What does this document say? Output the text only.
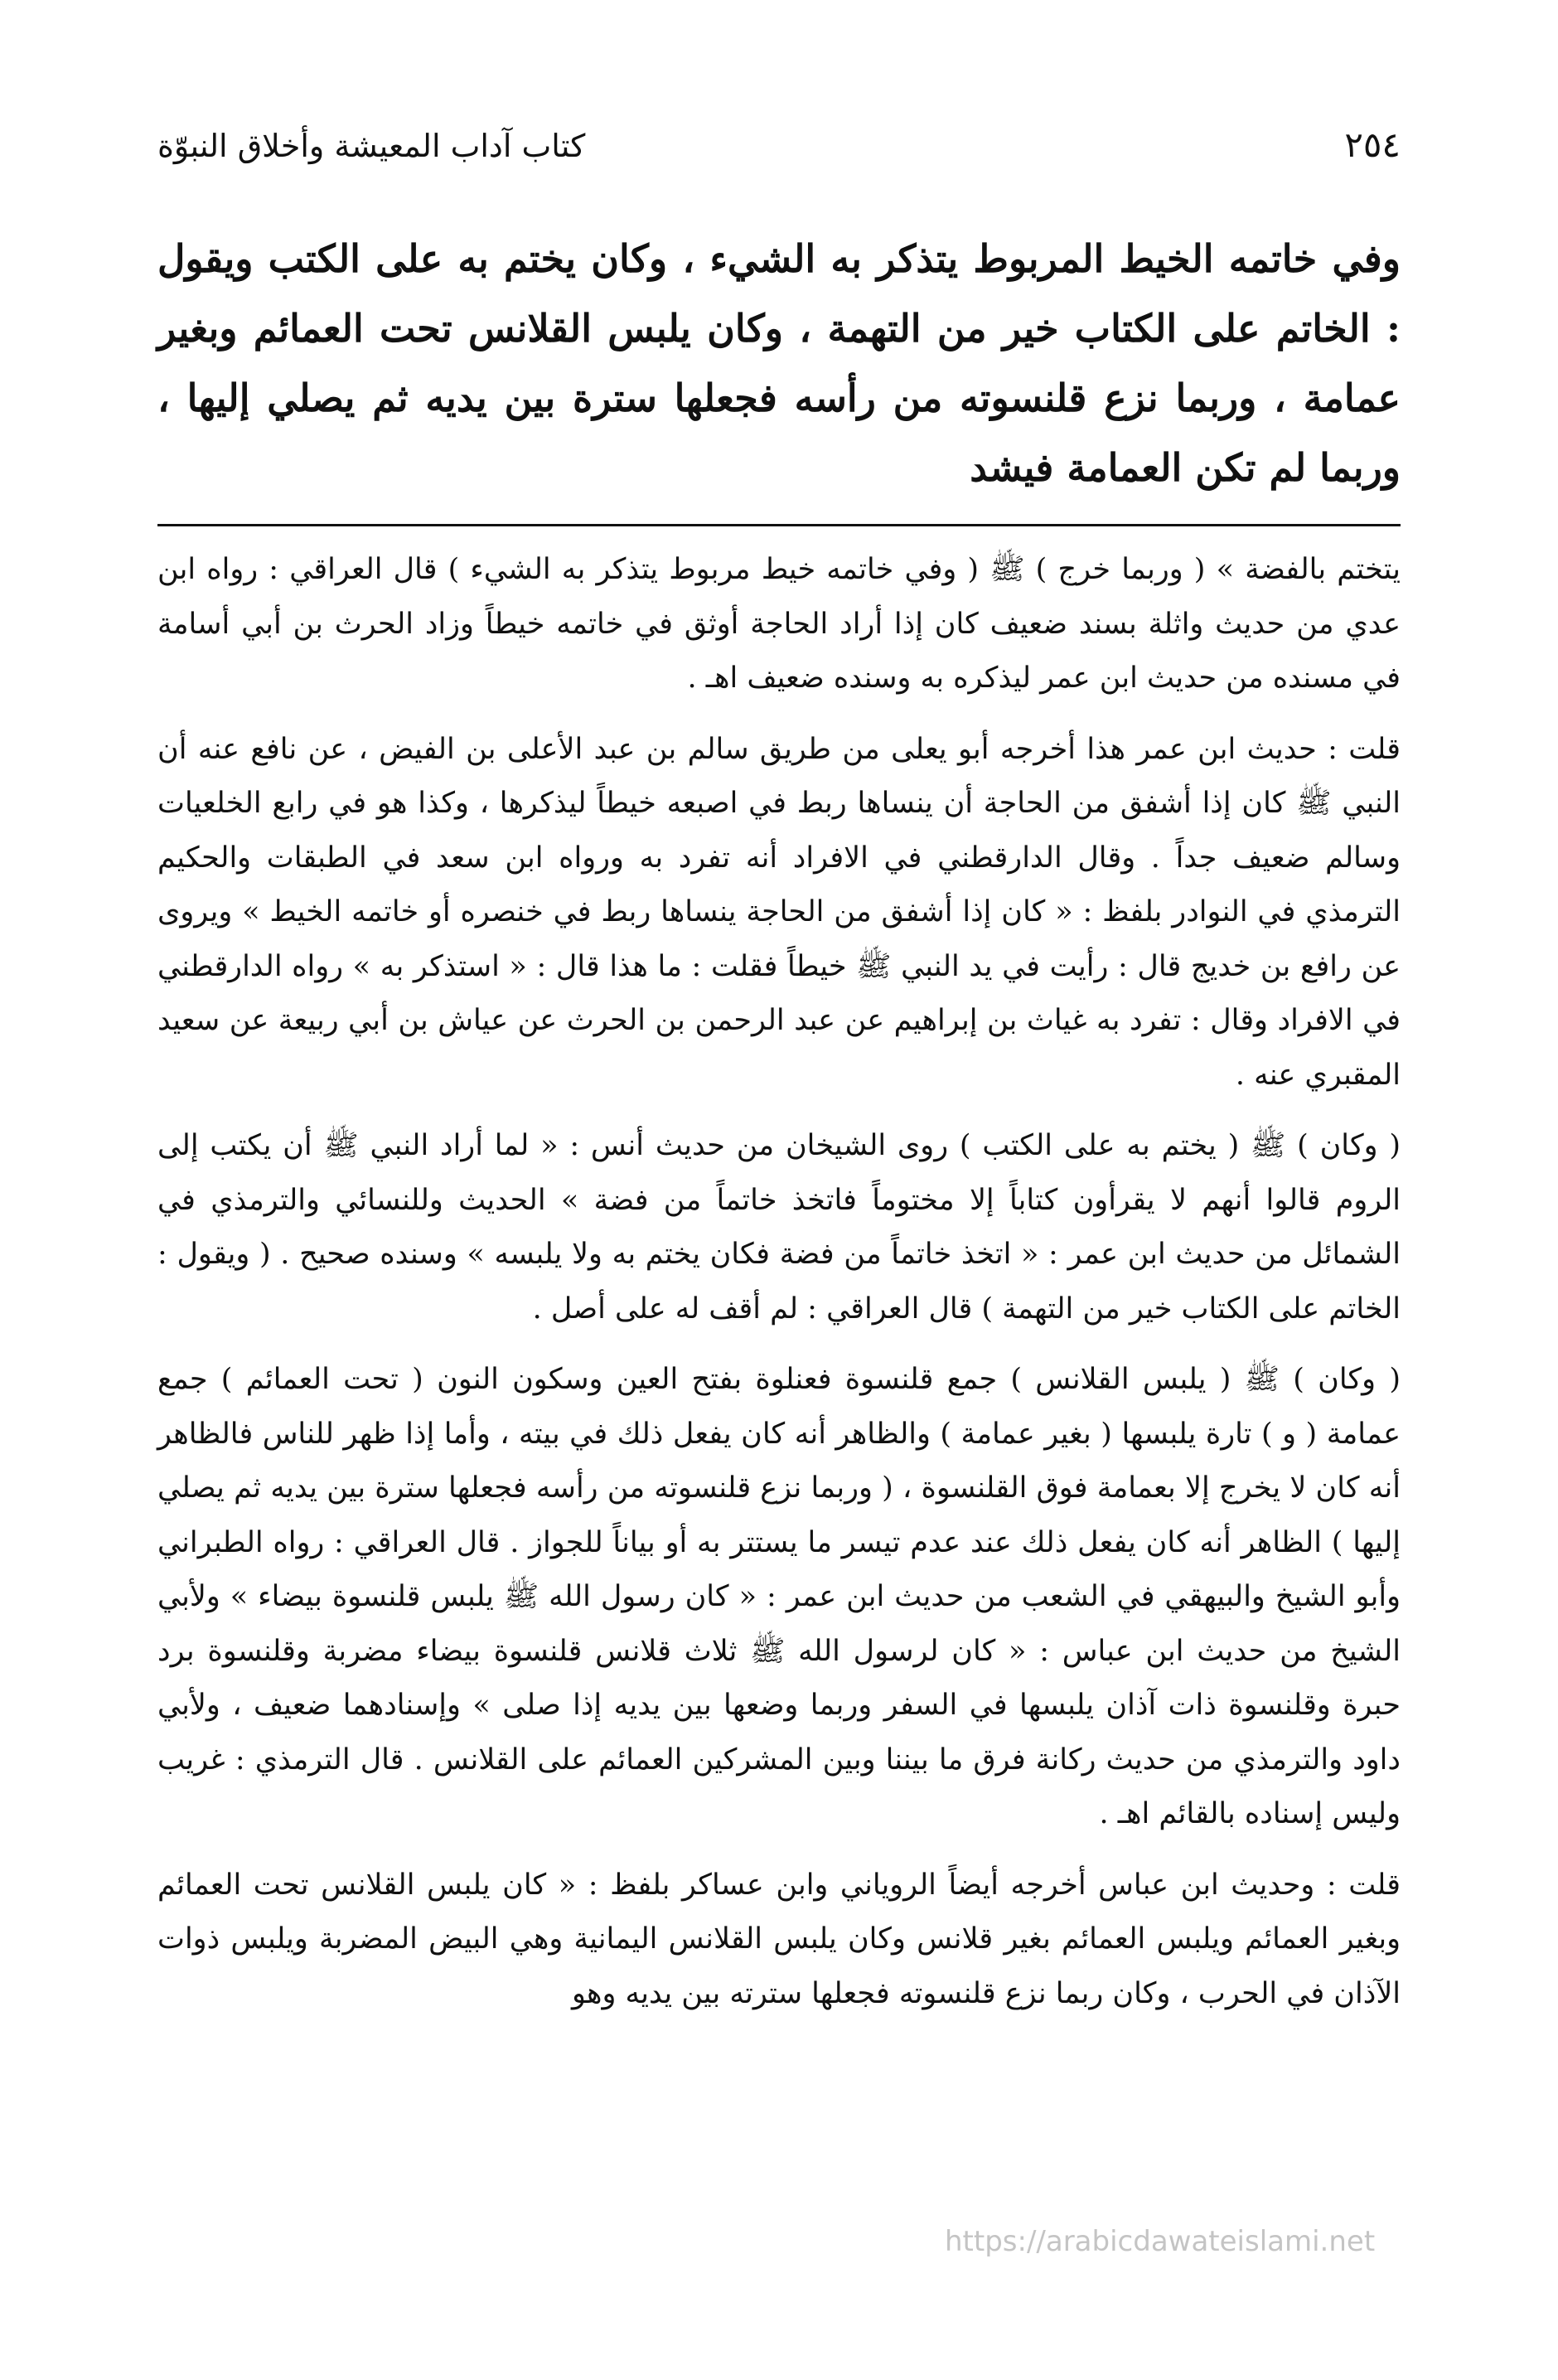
٢٥٤
كتاب آداب المعيشة وأخلاق النبوّة

وفي خاتمه الخيط المربوط يتذكر به الشيء ، وكان يختم به على الكتب ويقول : الخاتم على الكتاب خير من التهمة ، وكان يلبس القلانس تحت العمائم وبغير عمامة ، وربما نزع قلنسوته من رأسه فجعلها سترة بين يديه ثم يصلي إليها ، وربما لم تكن العمامة فيشد

يتختم بالفضة » ( وربما خرج ) ﷺ ( وفي خاتمه خيط مربوط يتذكر به الشيء ) قال العراقي : رواه ابن عدي من حديث واثلة بسند ضعيف كان إذا أراد الحاجة أوثق في خاتمه خيطاً وزاد الحرث بن أبي أسامة في مسنده من حديث ابن عمر ليذكره به وسنده ضعيف اهـ .

قلت : حديث ابن عمر هذا أخرجه أبو يعلى من طريق سالم بن عبد الأعلى بن الفيض ، عن نافع عنه أن النبي ﷺ كان إذا أشفق من الحاجة أن ينساها ربط في اصبعه خيطاً ليذكرها ، وكذا هو في رابع الخلعيات وسالم ضعيف جداً . وقال الدارقطني في الافراد أنه تفرد به ورواه ابن سعد في الطبقات والحكيم الترمذي في النوادر بلفظ : « كان إذا أشفق من الحاجة ينساها ربط في خنصره أو خاتمه الخيط » ويروى عن رافع بن خديج قال : رأيت في يد النبي ﷺ خيطاً فقلت : ما هذا قال : « استذكر به » رواه الدارقطني في الافراد وقال : تفرد به غياث بن إبراهيم عن عبد الرحمن بن الحرث عن عياش بن أبي ربيعة عن سعيد المقبري عنه .

( وكان ) ﷺ ( يختم به على الكتب ) روى الشيخان من حديث أنس : « لما أراد النبي ﷺ أن يكتب إلى الروم قالوا أنهم لا يقرأون كتاباً إلا مختوماً فاتخذ خاتماً من فضة » الحديث وللنسائي والترمذي في الشمائل من حديث ابن عمر : « اتخذ خاتماً من فضة فكان يختم به ولا يلبسه » وسنده صحيح . ( ويقول : الخاتم على الكتاب خير من التهمة ) قال العراقي : لم أقف له على أصل .

( وكان ) ﷺ ( يلبس القلانس ) جمع قلنسوة فعنلوة بفتح العين وسكون النون ( تحت العمائم ) جمع عمامة ( و ) تارة يلبسها ( بغير عمامة ) والظاهر أنه كان يفعل ذلك في بيته ، وأما إذا ظهر للناس فالظاهر أنه كان لا يخرج إلا بعمامة فوق القلنسوة ، ( وربما نزع قلنسوته من رأسه فجعلها سترة بين يديه ثم يصلي إليها ) الظاهر أنه كان يفعل ذلك عند عدم تيسر ما يستتر به أو بياناً للجواز . قال العراقي : رواه الطبراني وأبو الشيخ والبيهقي في الشعب من حديث ابن عمر : « كان رسول الله ﷺ يلبس قلنسوة بيضاء » ولأبي الشيخ من حديث ابن عباس : « كان لرسول الله ﷺ ثلاث قلانس قلنسوة بيضاء مضربة وقلنسوة برد حبرة وقلنسوة ذات آذان يلبسها في السفر وربما وضعها بين يديه إذا صلى » وإسنادهما ضعيف ، ولأبي داود والترمذي من حديث ركانة فرق ما بيننا وبين المشركين العمائم على القلانس . قال الترمذي : غريب وليس إسناده بالقائم اهـ .

قلت : وحديث ابن عباس أخرجه أيضاً الروياني وابن عساكر بلفظ : « كان يلبس القلانس تحت العمائم وبغير العمائم ويلبس العمائم بغير قلانس وكان يلبس القلانس اليمانية وهي البيض المضربة ويلبس ذوات الآذان في الحرب ، وكان ربما نزع قلنسوته فجعلها سترته بين يديه وهو

https://arabicdawateislami.net
